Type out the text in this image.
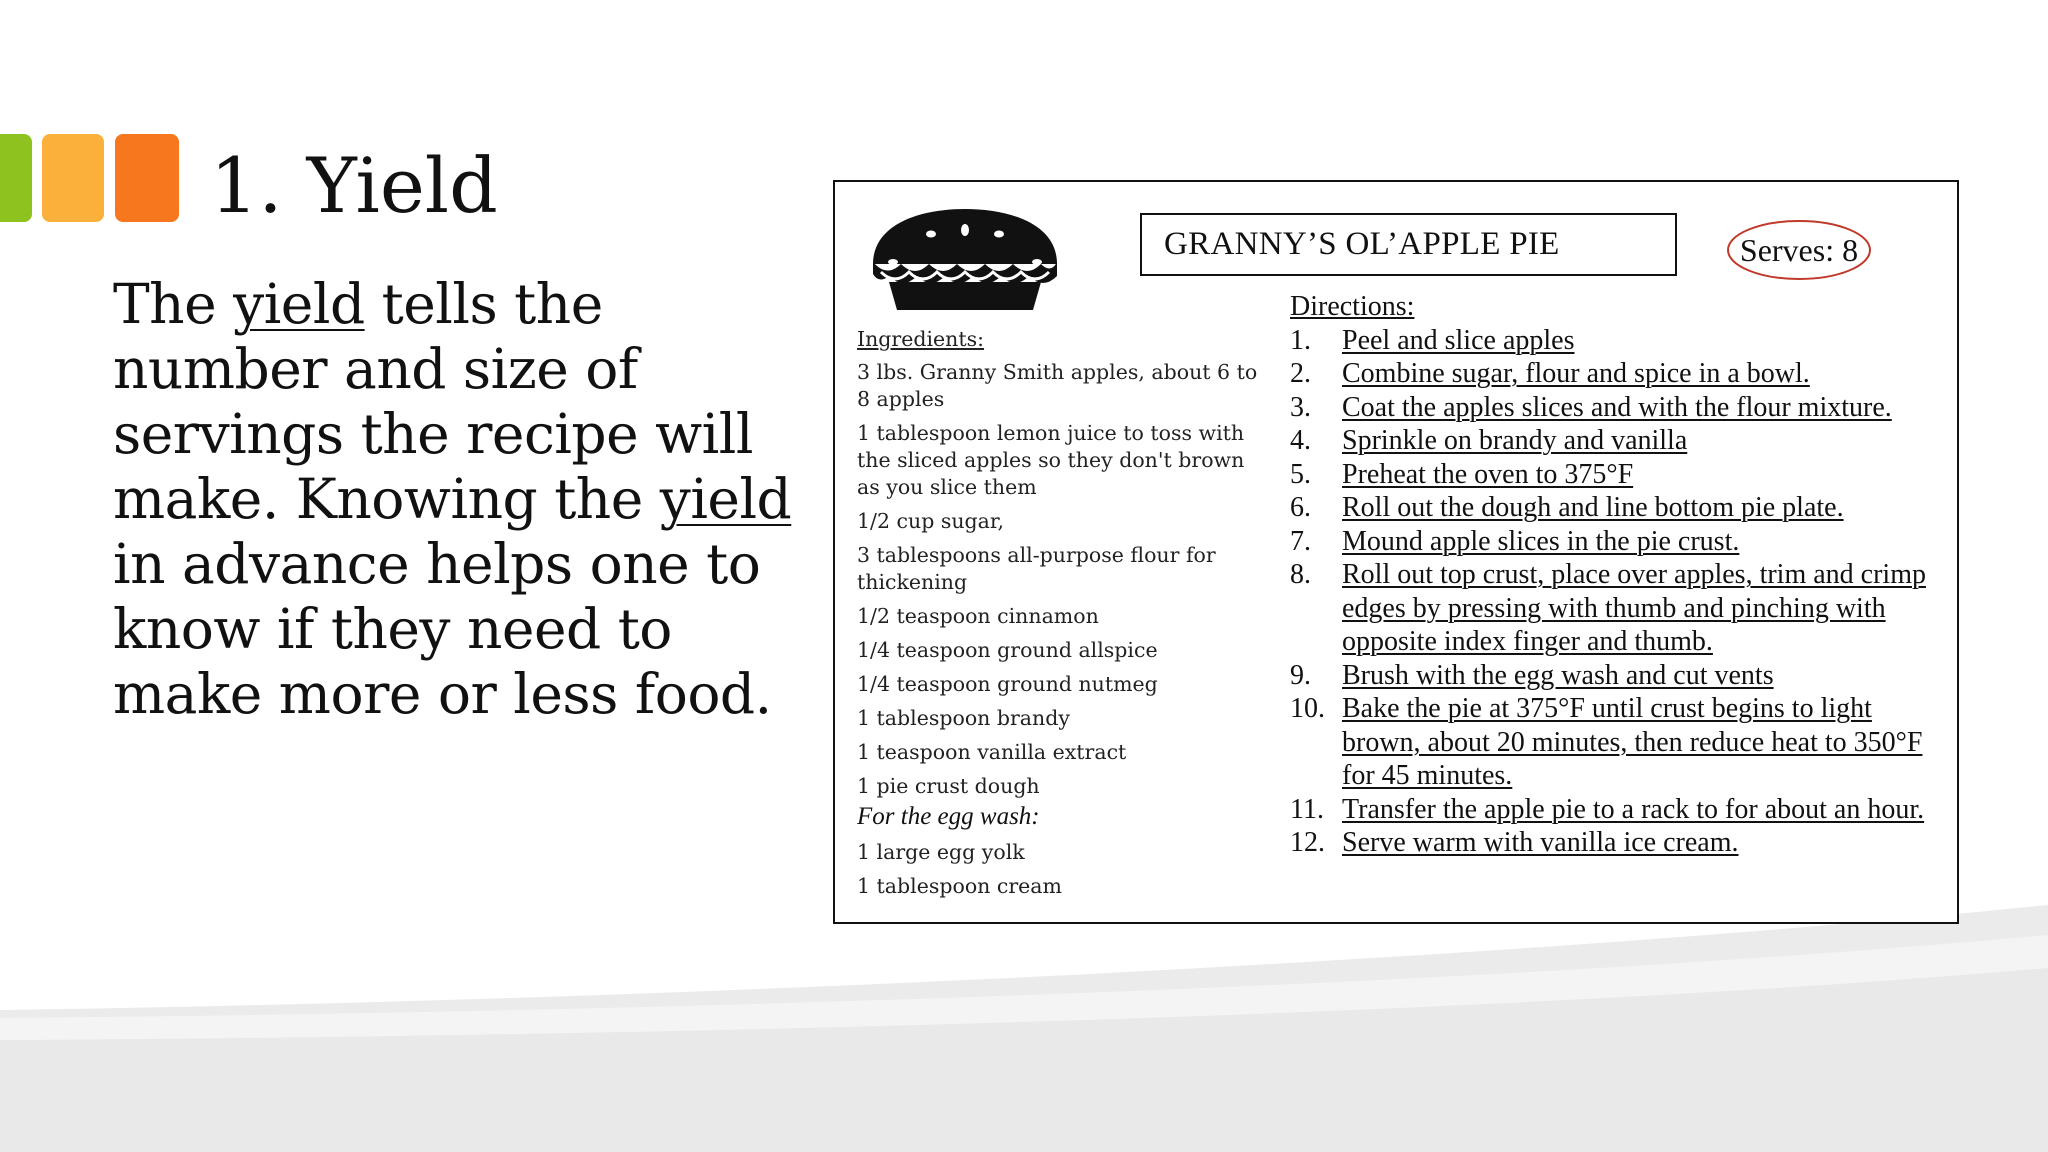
1. Yield

The yield tells the number and size of servings the recipe will make. Knowing the yield in advance helps one to know if they need to make more or less food.

GRANNY’S OL’APPLE PIE	Serves: 8
Ingredients:
3 lbs. Granny Smith apples, about 6 to 8 apples
1 tablespoon lemon juice to toss with the sliced apples so they don't brown as you slice them
1/2 cup sugar,
3 tablespoons all-purpose flour for thickening
1/2 teaspoon cinnamon
1/4 teaspoon ground allspice
1/4 teaspoon ground nutmeg
1 tablespoon brandy
1 teaspoon vanilla extract
1 pie crust dough
For the egg wash:
1 large egg yolk
1 tablespoon cream
Directions:
1.	Peel and slice apples
2.	Combine sugar, flour and spice in a bowl.
3.	Coat the apples slices and with the flour mixture.
4.	Sprinkle on brandy and vanilla
5.	Preheat the oven to 375°F
6.	Roll out the dough and line bottom pie plate.
7.	Mound apple slices in the pie crust.
8.	Roll out top crust, place over apples, trim and crimp edges by pressing with thumb and pinching with opposite index finger and thumb.
9.	Brush with the egg wash and cut vents
10. Bake the pie at 375°F until crust begins to light brown, about 20 minutes, then reduce heat to 350°F for 45 minutes.
11. Transfer the apple pie to a rack to for about an hour.
12. Serve warm with vanilla ice cream.
